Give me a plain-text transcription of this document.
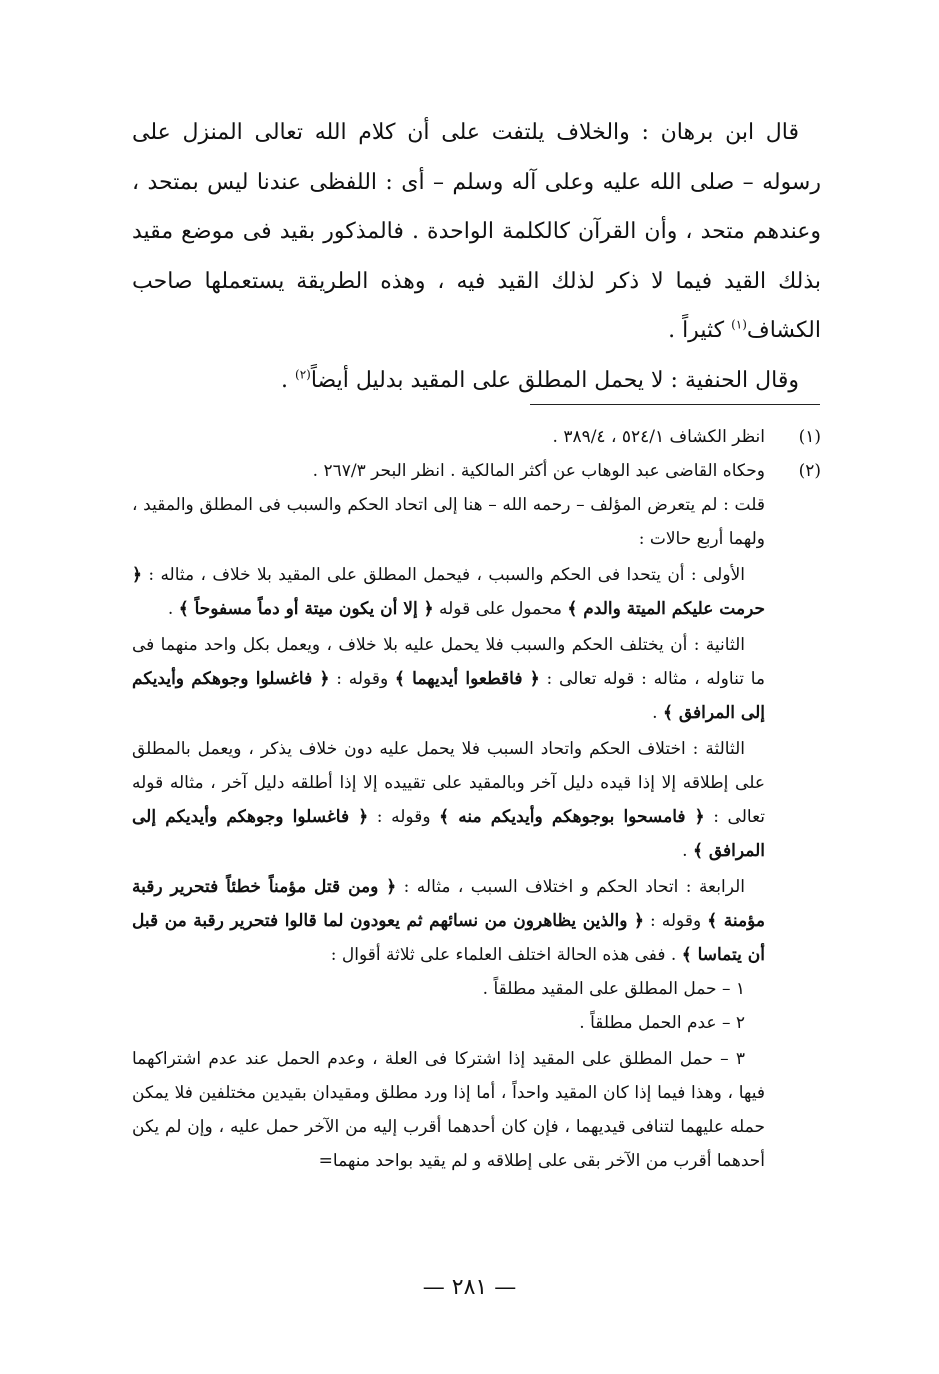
قال ابن برهان : والخلاف يلتفت على أن كلام الله تعالى المنزل على رسوله – صلى الله عليه وعلى آله وسلم – أى : اللفظى عندنا ليس بمتحد ، وعندهم متحد ، وأن القرآن كالكلمة الواحدة . فالمذكور بقيد فى موضع مقيد بذلك القيد فيما لا ذكر لذلك القيد فيه ، وهذه الطريقة يستعملها صاحب الكشاف$^{(١)}$ كثيراً .

وقال الحنفية : لا يحمل المطلق على المقيد بدليل أيضاً$^{(٢)}$ .

(١)

انظر الكشاف ٥٢٤/١ ، ٣٨٩/٤ .

(٢)

وحكاه القاضى عبد الوهاب عن أكثر المالكية . انظر البحر ٢٦٧/٣ .

قلت : لم يتعرض المؤلف – رحمه الله – هنا إلى اتحاد الحكم والسبب فى المطلق والمقيد ، ولهما أربع حالات :

الأولى : أن يتحدا فى الحكم والسبب ، فيحمل المطلق على المقيد بلا خلاف ، مثاله : ﴿ حرمت عليكم الميتة والدم ﴾ محمول على قوله ﴿ إلا أن يكون ميتة أو دماً مسفوحاً ﴾ .

الثانية : أن يختلف الحكم والسبب فلا يحمل عليه بلا خلاف ، ويعمل بكل واحد منهما فى ما تناوله ، مثاله : قوله تعالى : ﴿ فاقطعوا أيديهما ﴾ وقوله : ﴿ فاغسلوا وجوهكم وأيديكم إلى المرافق ﴾ .

الثالثة : اختلاف الحكم واتحاد السبب فلا يحمل عليه دون خلاف يذكر ، ويعمل بالمطلق على إطلاقه إلا إذا قيده دليل آخر وبالمقيد على تقييده إلا إذا أطلقه دليل آخر ، مثاله قوله تعالى : ﴿ فامسحوا بوجوهكم وأيديكم منه ﴾ وقوله : ﴿ فاغسلوا وجوهكم وأيديكم إلى المرافق ﴾ .

الرابعة : اتحاد الحكم و اختلاف السبب ، مثاله : ﴿ ومن قتل مؤمناً خطئاً فتحرير رقبة مؤمنة ﴾ وقوله : ﴿ والذين يظاهرون من نسائهم ثم يعودون لما قالوا فتحرير رقبة من قبل أن يتماسا ﴾ . ففى هذه الحالة اختلف العلماء على ثلاثة أقوال :

١ – حمل المطلق على المقيد مطلقاً .

٢ – عدم الحمل مطلقاً .

٣ – حمل المطلق على المقيد إذا اشتركا فى العلة ، وعدم الحمل عند عدم اشتراكهما فيها ، وهذا فيما إذا كان المقيد واحداً ، أما إذا ورد مطلق ومقيدان بقيدين مختلفين فلا يمكن حمله عليهما لتنافى قيديهما ، فإن كان أحدهما أقرب إليه من الآخر حمل عليه ، وإن لم يكن أحدهما أقرب من الآخر بقى على إطلاقه و لم يقيد بواحد منهما=

— ٢٨١ —
